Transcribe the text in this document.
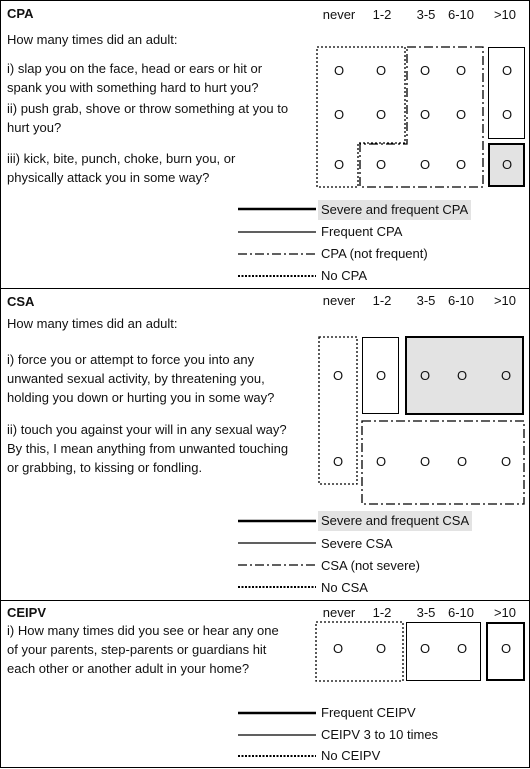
CPA	never	1-2	3-5 6-10	>10
How many times did an adult:
i) slap you on the face, head or ears or hit or
spank you with something hard to hurt you?
ii) push grab, shove or throw something at you to
hurt you?
iii) kick, bite, punch, choke, burn you, or
physically attack you in some way?
O	O	O	O	O
O	O	O	O	O
O	O	O	O	O
Severe and frequent CPA
Frequent CPA
CPA (not frequent)
No CPA
CSA	never	1-2	3-5 6-10	>10
How many times did an adult:
i) force you or attempt to force you into any
unwanted sexual activity, by threatening you,
holding you down or hurting you in some way?
ii) touch you against your will in any sexual way?
By this, I mean anything from unwanted touching
or grabbing, to kissing or fondling.
O	O	O	O	O
O	O	O	O	O
Severe and frequent CSA
Severe CSA
CSA (not severe)
No CSA
CEIPV	never	1-2	3-5 6-10	>10
i) How many times did you see or hear any one
of your parents, step-parents or guardians hit
each other or another adult in your home?
O	O	O	O	O
Frequent CEIPV
CEIPV 3 to 10 times
No CEIPV
